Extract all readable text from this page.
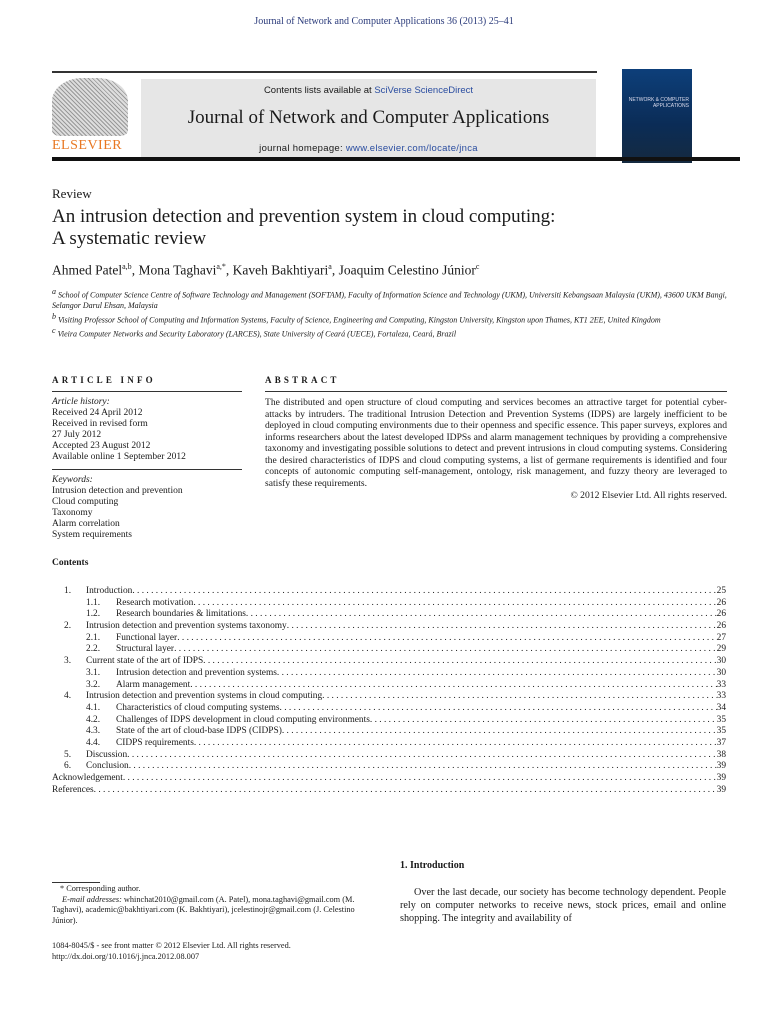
Journal of Network and Computer Applications 36 (2013) 25–41
ELSEVIER
Contents lists available at SciVerse ScienceDirect
Journal of Network and Computer Applications
journal homepage: www.elsevier.com/locate/jnca
NETWORK & COMPUTER APPLICATIONS
Review
An intrusion detection and prevention system in cloud computing:
A systematic review
Ahmed Patel$^{a,b}$, Mona Taghavi$^{a,*}$, Kaveh Bakhtiyari$^a$, Joaquim Celestino Júnior$^c$
$^a$ School of Computer Science Centre of Software Technology and Management (SOFTAM), Faculty of Information Science and Technology (UKM), Universiti Kebangsaan Malaysia (UKM), 43600 UKM Bangi, Selangor Darul Ehsan, Malaysia
$^b$ Visiting Professor School of Computing and Information Systems, Faculty of Science, Engineering and Computing, Kingston University, Kingston upon Thames, KT1 2EE, United Kingdom
$^c$ Vieira Computer Networks and Security Laboratory (LARCES), State University of Ceará (UECE), Fortaleza, Ceará, Brazil
ARTICLE INFO
Article history:
Received 24 April 2012
Received in revised form
27 July 2012
Accepted 23 August 2012
Available online 1 September 2012
Keywords:
Intrusion detection and prevention
Cloud computing
Taxonomy
Alarm correlation
System requirements
ABSTRACT

The distributed and open structure of cloud computing and services becomes an attractive target for potential cyber-attacks by intruders. The traditional Intrusion Detection and Prevention Systems (IDPS) are largely inefficient to be deployed in cloud computing environments due to their openness and specific essence. This paper surveys, explores and informs researchers about the latest developed IDPSs and alarm management techniques by providing a comprehensive taxonomy and investigating possible solutions to detect and prevent intrusions in cloud computing systems. Considering the desired characteristics of IDPS and cloud computing systems, a list of germane requirements is identified and four concepts of autonomic computing self-management, ontology, risk management, and fuzzy theory are leveraged to satisfy these requirements.

© 2012 Elsevier Ltd. All rights reserved.
Contents
1.	Introduction . . .	25
1.1.	Research motivation . . .	26
1.2.	Research boundaries & limitations . . .	26
2.	Intrusion detection and prevention systems taxonomy . . .	26
2.1.	Functional layer . . .	27
2.2.	Structural layer . . .	29
3.	Current state of the art of IDPS . . .	30
3.1.	Intrusion detection and prevention systems . . .	30
3.2.	Alarm management . . .	33
4.	Intrusion detection and prevention systems in cloud computing . . .	33
4.1.	Characteristics of cloud computing systems . . .	34
4.2.	Challenges of IDPS development in cloud computing environments . . .	35
4.3.	State of the art of cloud-base IDPS (CIDPS) . . .	35
4.4.	CIDPS requirements . . .	37
5.	Discussion . . .	38
6.	Conclusion . . .	39
Acknowledgement . . .	39
References . . .	39
1. Introduction
Over the last decade, our society has become technology dependent. People rely on computer networks to receive news, stock prices, email and online shopping. The integrity and availability of
* Corresponding author.
E-mail addresses: whinchat2010@gmail.com (A. Patel), mona.taghavi@gmail.com (M. Taghavi), academic@bakhtiyari.com (K. Bakhtiyari), jcelestinojr@gmail.com (J. Celestino Júnior).
1084-8045/$ - see front matter © 2012 Elsevier Ltd. All rights reserved.
http://dx.doi.org/10.1016/j.jnca.2012.08.007
